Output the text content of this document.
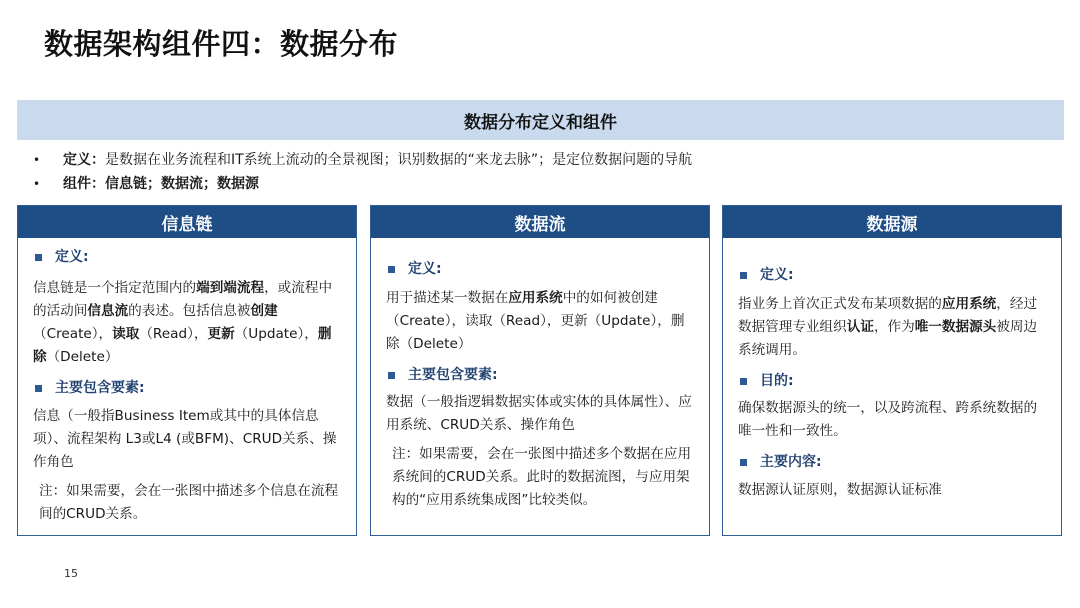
数据架构组件四：数据分布
数据分布定义和组件
•	定义：是数据在业务流程和IT系统上流动的全景视图；识别数据的“来龙去脉”；是定位数据问题的导航
•	组件：信息链；数据流；数据源
信息链
定义:

信息链是一个指定范围内的端到端流程，或流程中的活动间信息流的表述。包括信息被创建（Create），读取（Read），更新（Update），删除（Delete）

主要包含要素:

信息（一般指Business Item或其中的具体信息项）、流程架构 L3或L4 (或BFM)、CRUD关系、操作角色

注：如果需要，会在一张图中描述多个信息在流程间的CRUD关系。

数据流
定义:

用于描述某一数据在应用系统中的如何被创建（Create），读取（Read），更新（Update），删除（Delete）

主要包含要素:

数据（一般指逻辑数据实体或实体的具体属性）、应用系统、CRUD关系、操作角色

注：如果需要，会在一张图中描述多个数据在应用系统间的CRUD关系。此时的数据流图，与应用架构的“应用系统集成图”比较类似。

数据源
定义:

指业务上首次正式发布某项数据的应用系统，经过数据管理专业组织认证，作为唯一数据源头被周边系统调用。

目的:

确保数据源头的统一，以及跨流程、跨系统数据的唯一性和一致性。

主要内容:

数据源认证原则，数据源认证标准

15
